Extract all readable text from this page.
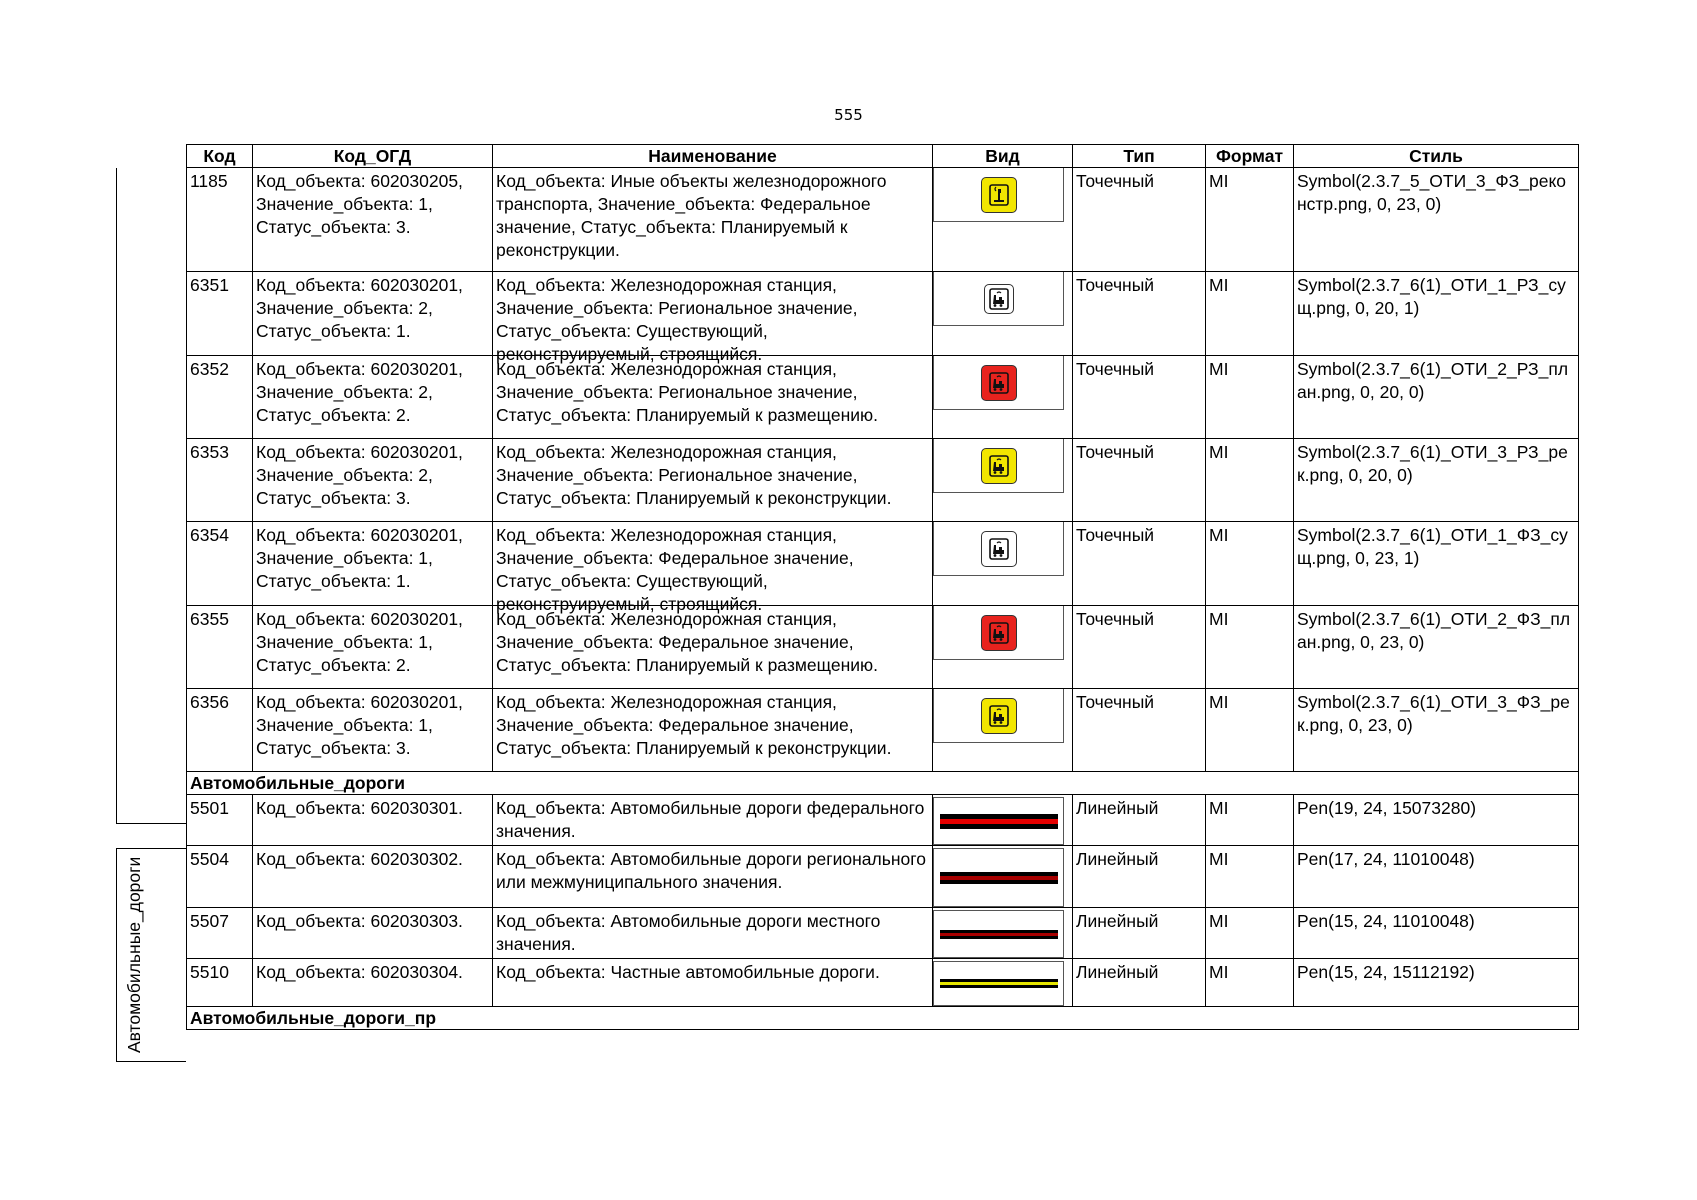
555
Автомобильные_дороги
Код	Код_ОГД	Наименование	Вид	Тип	Формат	Стиль
1185	Код_объекта: 602030205, Значение_объекта: 1, Статус_объекта: 3.	Код_объекта: Иные объекты железнодорожного транспорта, Значение_объекта: Федеральное значение, Статус_объекта: Планируемый к реконструкции.		Точечный	MI	Symbol(2.3.7_5_ОТИ_3_ФЗ_реконстр.png, 0, 23, 0)
6351	Код_объекта: 602030201, Значение_объекта: 2, Статус_объекта: 1.	Код_объекта: Железнодорожная станция, Значение_объекта: Региональное значение, Статус_объекта: Существующий, реконструируемый, строящийся.		Точечный	MI	Symbol(2.3.7_6(1)_ОТИ_1_РЗ_сущ.png, 0, 20, 1)
6352	Код_объекта: 602030201, Значение_объекта: 2, Статус_объекта: 2.	Код_объекта: Железнодорожная станция, Значение_объекта: Региональное значение, Статус_объекта: Планируемый к размещению.		Точечный	MI	Symbol(2.3.7_6(1)_ОТИ_2_РЗ_план.png, 0, 20, 0)
6353	Код_объекта: 602030201, Значение_объекта: 2, Статус_объекта: 3.	Код_объекта: Железнодорожная станция, Значение_объекта: Региональное значение, Статус_объекта: Планируемый к реконструкции.		Точечный	MI	Symbol(2.3.7_6(1)_ОТИ_3_РЗ_рек.png, 0, 20, 0)
6354	Код_объекта: 602030201, Значение_объекта: 1, Статус_объекта: 1.	Код_объекта: Железнодорожная станция, Значение_объекта: Федеральное значение, Статус_объекта: Существующий, реконструируемый, строящийся.		Точечный	MI	Symbol(2.3.7_6(1)_ОТИ_1_ФЗ_сущ.png, 0, 23, 1)
6355	Код_объекта: 602030201, Значение_объекта: 1, Статус_объекта: 2.	Код_объекта: Железнодорожная станция, Значение_объекта: Федеральное значение, Статус_объекта: Планируемый к размещению.		Точечный	MI	Symbol(2.3.7_6(1)_ОТИ_2_ФЗ_план.png, 0, 23, 0)
6356	Код_объекта: 602030201, Значение_объекта: 1, Статус_объекта: 3.	Код_объекта: Железнодорожная станция, Значение_объекта: Федеральное значение, Статус_объекта: Планируемый к реконструкции.		Точечный	MI	Symbol(2.3.7_6(1)_ОТИ_3_ФЗ_рек.png, 0, 23, 0)
Автомобильные_дороги						
5501	Код_объекта: 602030301.	Код_объекта: Автомобильные дороги федерального значения.		Линейный	MI	Pen(19, 24, 15073280)
5504	Код_объекта: 602030302.	Код_объекта: Автомобильные дороги регионального или межмуниципального значения.		Линейный	MI	Pen(17, 24, 11010048)
5507	Код_объекта: 602030303.	Код_объекта: Автомобильные дороги местного значения.		Линейный	MI	Pen(15, 24, 11010048)
5510	Код_объекта: 602030304.	Код_объекта: Частные автомобильные дороги.		Линейный	MI	Pen(15, 24, 15112192)
Автомобильные_дороги_пр						
